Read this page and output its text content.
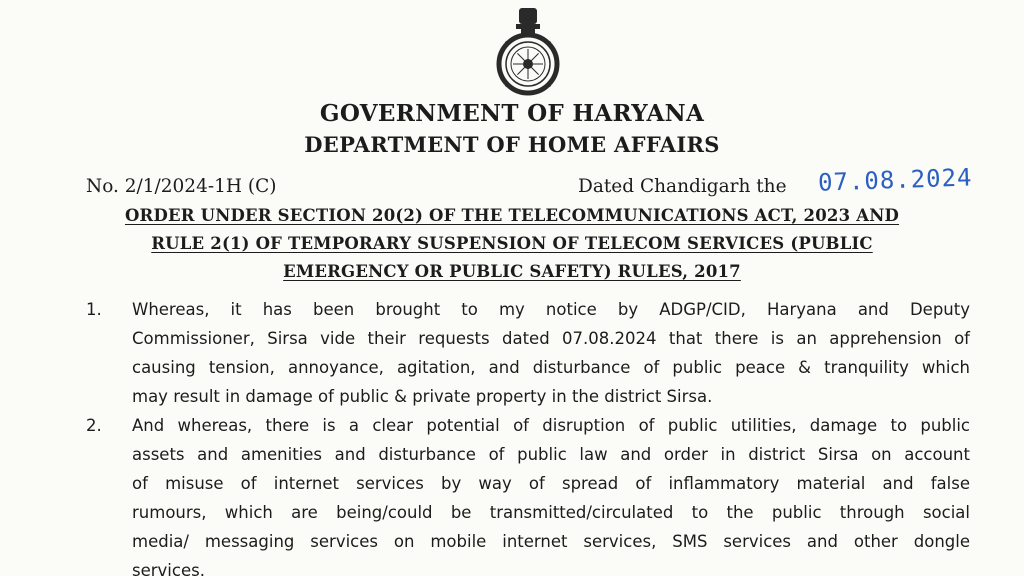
GOVERNMENT OF HARYANA
DEPARTMENT OF HOME AFFAIRS
No. 2/1/2024-1H (C)	Dated Chandigarh the 07.08.2024
ORDER UNDER SECTION 20(2) OF THE TELECOMMUNICATIONS ACT, 2023 AND
RULE 2(1) OF TEMPORARY SUSPENSION OF TELECOM SERVICES (PUBLIC
EMERGENCY OR PUBLIC SAFETY) RULES, 2017
1. Whereas, it has been brought to my notice by ADGP/CID, Haryana and Deputy
Commissioner, Sirsa vide their requests dated 07.08.2024 that there is an apprehension of
causing tension, annoyance, agitation, and disturbance of public peace & tranquility which
may result in damage of public & private property in the district Sirsa.
2. And whereas, there is a clear potential of disruption of public utilities, damage to public
assets and amenities and disturbance of public law and order in district Sirsa on account
of misuse of internet services by way of spread of inflammatory material and false
rumours, which are being/could be transmitted/circulated to the public through social
media/ messaging services on mobile internet services, SMS services and other dongle
services.
